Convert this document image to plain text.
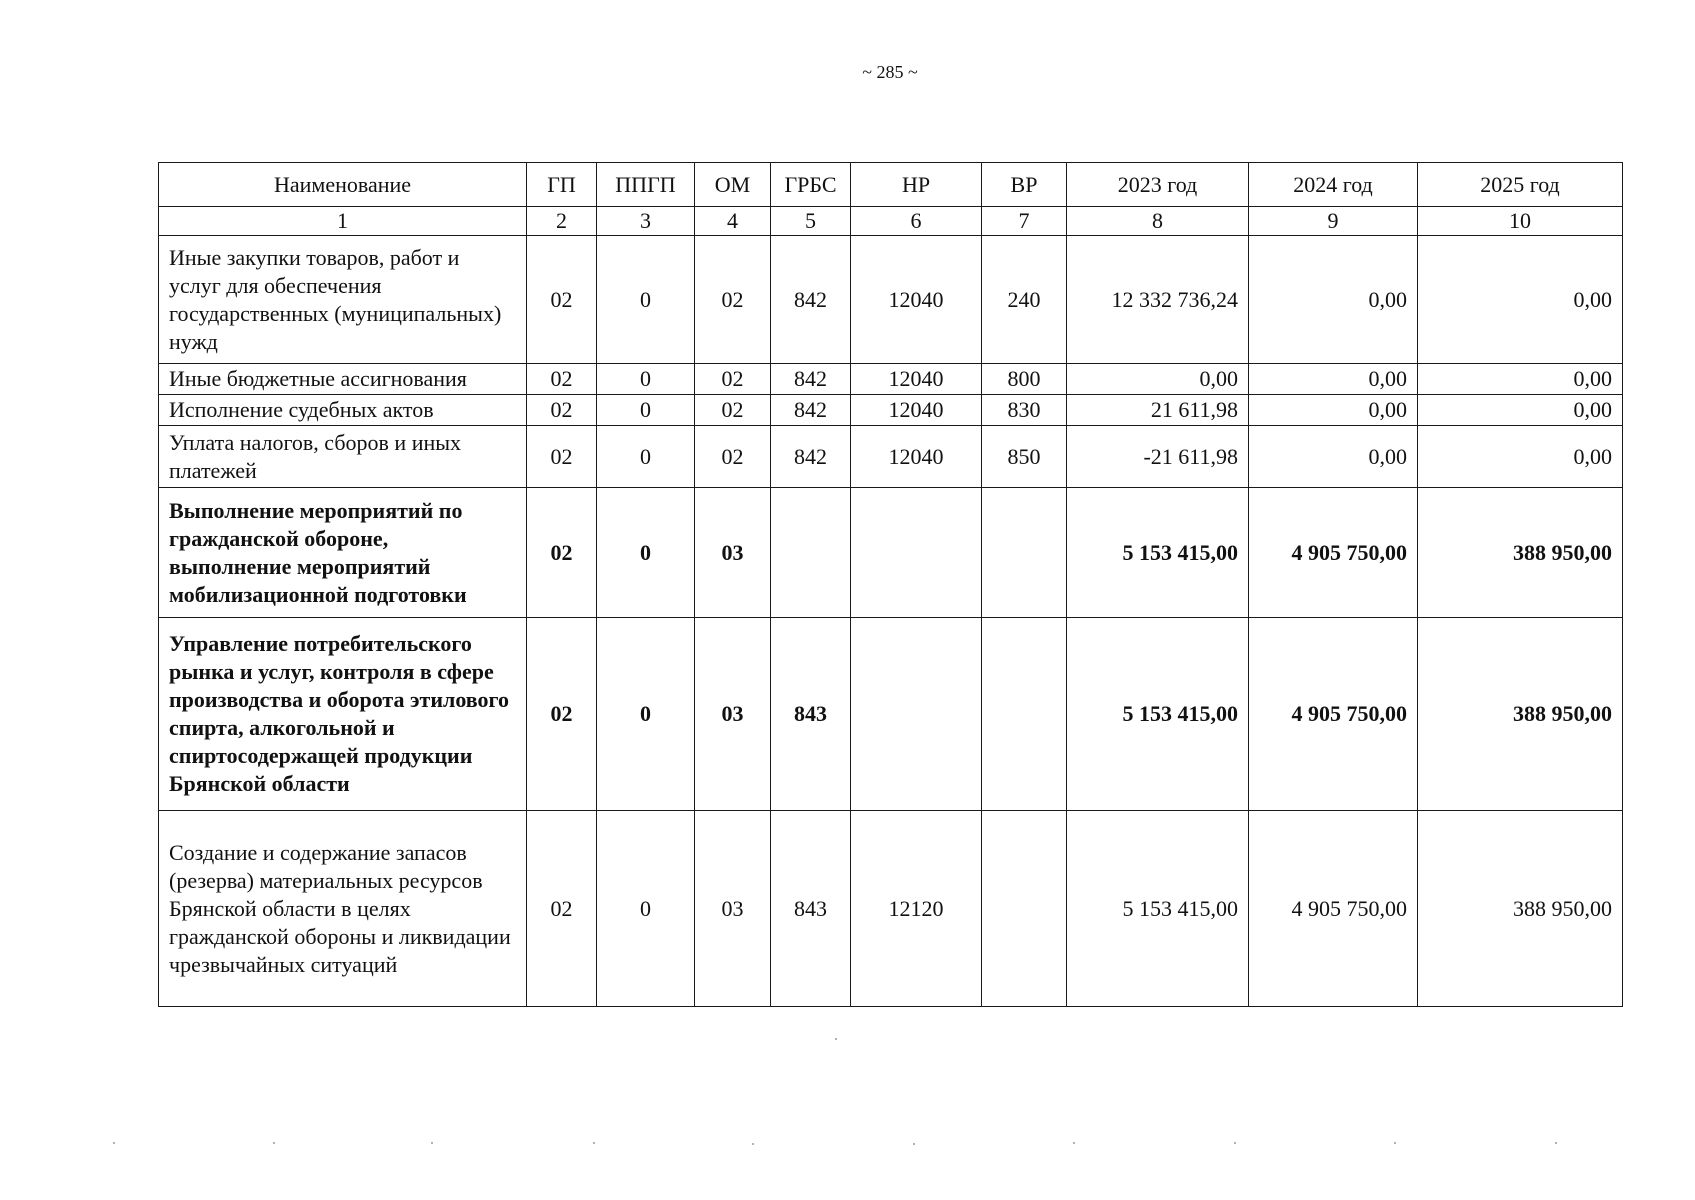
~ 285 ~
Наименование	ГП	ППГП	ОМ	ГРБС	НР	ВР	2023 год	2024 год	2025 год
1	2	3	4	5	6	7	8	9	10
Иные закупки товаров, работ и услуг для обеспечения государственных (муниципальных) нужд	02	0	02	842	12040	240	12 332 736,24	0,00	0,00
Иные бюджетные ассигнования	02	0	02	842	12040	800	0,00	0,00	0,00
Исполнение судебных актов	02	0	02	842	12040	830	21 611,98	0,00	0,00
Уплата налогов, сборов и иных платежей	02	0	02	842	12040	850	-21 611,98	0,00	0,00
Выполнение мероприятий по гражданской обороне, выполнение мероприятий мобилизационной подготовки	02	0	03				5 153 415,00	4 905 750,00	388 950,00
Управление потребительского рынка и услуг, контроля в сфере производства и оборота этилового спирта, алкогольной и спиртосодержащей продукции Брянской области	02	0	03	843			5 153 415,00	4 905 750,00	388 950,00
Создание и содержание запасов (резерва) материальных ресурсов Брянской области в целях гражданской обороны и ликвидации чрезвычайных ситуаций	02	0	03	843	12120		5 153 415,00	4 905 750,00	388 950,00
